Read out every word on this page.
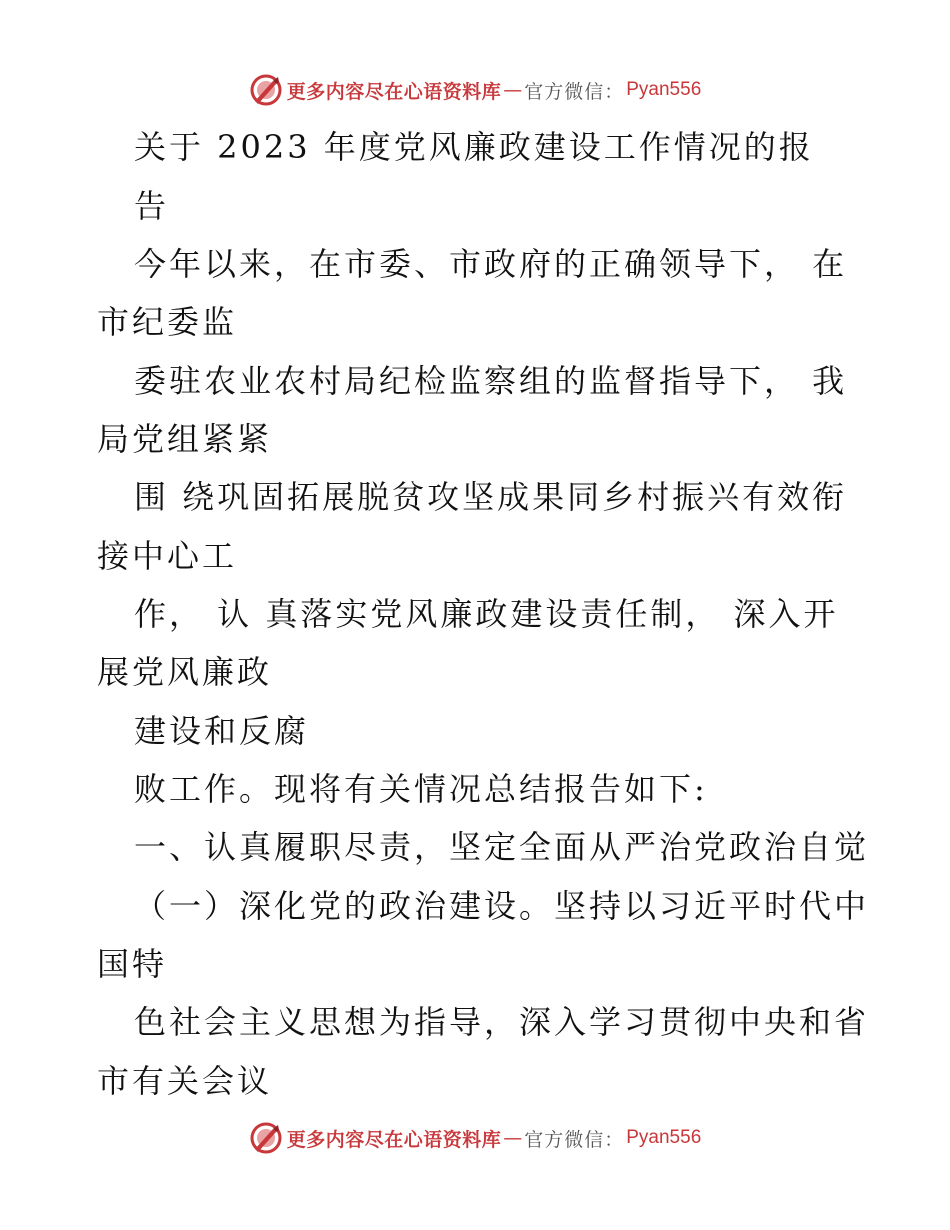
更多内容尽在心语资料库 — 官方微信： Pyan556
关于 2023 年度党风廉政建设工作情况的报
告
今年以来，在市委、市政府的正确领导下， 在
市纪委监
委驻农业农村局纪检监察组的监督指导下， 我
局党组紧紧
围 绕巩固拓展脱贫攻坚成果同乡村振兴有效衔
接中心工
作， 认 真落实党风廉政建设责任制， 深入开
展党风廉政
建设和反腐
败工作。现将有关情况总结报告如下:
一、认真履职尽责，坚定全面从严治党政治自觉
（一）深化党的政治建设。坚持以习近平时代中
国特
色社会主义思想为指导，深入学习贯彻中央和省
市有关会议
更多内容尽在心语资料库 — 官方微信： Pyan556
